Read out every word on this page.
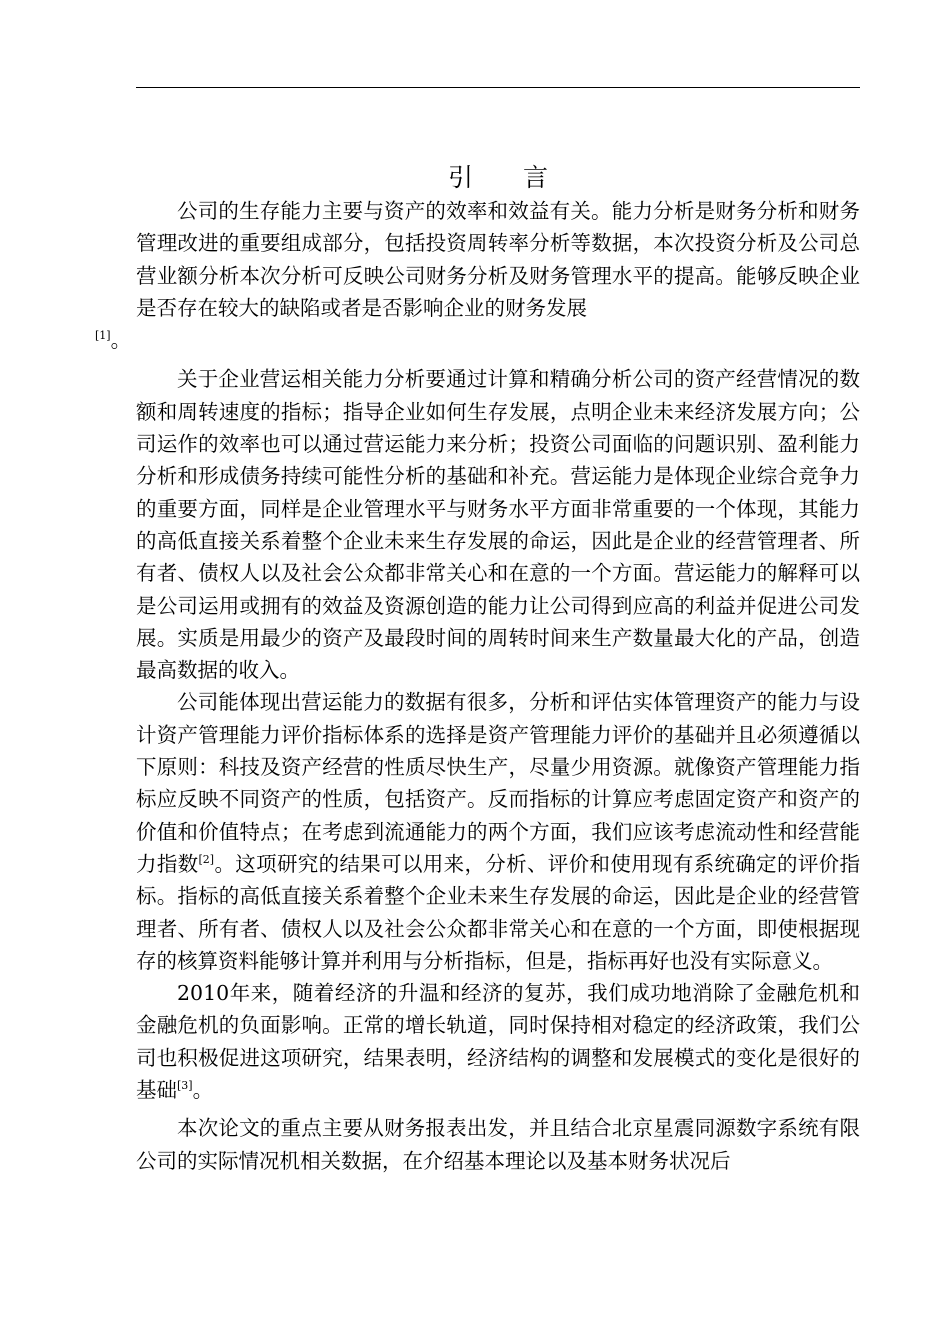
引　　言

公司的生存能力主要与资产的效率和效益有关。能力分析是财务分析和财务管理改进的重要组成部分，包括投资周转率分析等数据，本次投资分析及公司总营业额分析本次分析可反映公司财务分析及财务管理水平的提高。能够反映企业是否存在较大的缺陷或者是否影响企业的财务发展
[1]。

关于企业营运相关能力分析要通过计算和精确分析公司的资产经营情况的数额和周转速度的指标；指导企业如何生存发展，点明企业未来经济发展方向；公司运作的效率也可以通过营运能力来分析；投资公司面临的问题识别、盈利能力分析和形成债务持续可能性分析的基础和补充。营运能力是体现企业综合竞争力的重要方面，同样是企业管理水平与财务水平方面非常重要的一个体现，其能力的高低直接关系着整个企业未来生存发展的命运，因此是企业的经营管理者、所有者、债权人以及社会公众都非常关心和在意的一个方面。营运能力的解释可以是公司运用或拥有的效益及资源创造的能力让公司得到应高的利益并促进公司发展。实质是用最少的资产及最段时间的周转时间来生产数量最大化的产品，创造最高数据的收入。

公司能体现出营运能力的数据有很多，分析和评估实体管理资产的能力与设计资产管理能力评价指标体系的选择是资产管理能力评价的基础并且必须遵循以下原则：科技及资产经营的性质尽快生产，尽量少用资源。就像资产管理能力指标应反映不同资产的性质，包括资产。反而指标的计算应考虑固定资产和资产的价值和价值特点；在考虑到流通能力的两个方面，我们应该考虑流动性和经营能力指数[2]。这项研究的结果可以用来，分析、评价和使用现有系统确定的评价指标。指标的高低直接关系着整个企业未来生存发展的命运，因此是企业的经营管理者、所有者、债权人以及社会公众都非常关心和在意的一个方面，即使根据现存的核算资料能够计算并利用与分析指标，但是，指标再好也没有实际意义。

2010年来，随着经济的升温和经济的复苏，我们成功地消除了金融危机和金融危机的负面影响。正常的增长轨道，同时保持相对稳定的经济政策，我们公司也积极促进这项研究，结果表明，经济结构的调整和发展模式的变化是很好的基础[3]。

本次论文的重点主要从财务报表出发，并且结合北京星震同源数字系统有限公司的实际情况机相关数据，在介绍基本理论以及基本财务状况后
